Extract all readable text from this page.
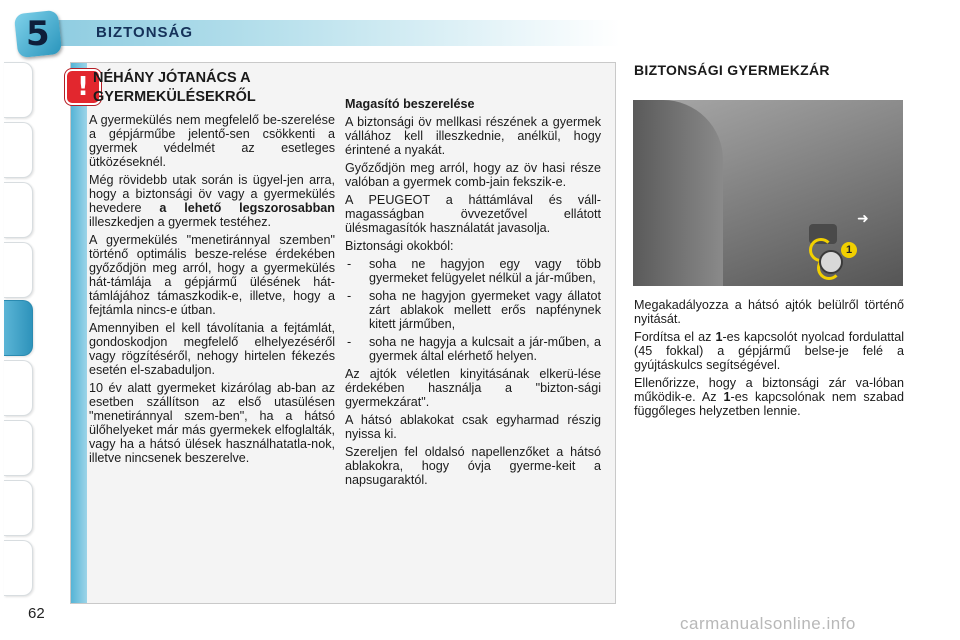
5	BIZTONSÁG
62
! NÉHÁNY JÓTANÁCS A GYERMEKÜLÉSEKRŐL

A gyermekülés nem megfelelő be-szerelése a gépjárműbe jelentő-sen csökkenti a gyermek védelmét az esetleges ütközéseknél.

Még rövidebb utak során is ügyel-jen arra, hogy a biztonsági öv vagy a gyermekülés hevedere a lehető legszorosabban illeszkedjen a gyermek testéhez.

A gyermekülés "menetiránnyal szemben" történő optimális besze-relése érdekében győződjön meg arról, hogy a gyermekülés hát-támlája a gépjármű ülésének hát-támlájához támaszkodik-e, illetve, hogy a fejtámla nincs-e útban.

Amennyiben el kell távolítania a fejtámlát, gondoskodjon megfelelő elhelyezéséről vagy rögzítéséről, nehogy hirtelen fékezés esetén el-szabaduljon.

10 év alatt gyermeket kizárólag ab-ban az esetben szállítson az első utasülésen "menetiránnyal szem-ben", ha a hátsó ülőhelyeket már más gyermekek elfoglalták, vagy ha a hátsó ülések használhatatla-nok, illetve nincsenek beszerelve.

Magasító beszerelése

A biztonsági öv mellkasi részének a gyermek vállához kell illeszkednie, anélkül, hogy érintené a nyakát.

Győződjön meg arról, hogy az öv hasi része valóban a gyermek comb-jain fekszik-e.

A PEUGEOT a háttámlával és váll-magasságban övvezetővel ellátott ülésmagasítók használatát javasolja.

Biztonsági okokból:

- soha ne hagyjon egy vagy több gyermeket felügyelet nélkül a jár-műben,
- soha ne hagyjon gyermeket vagy állatot zárt ablakok mellett erős napfénynek kitett járműben,
- soha ne hagyja a kulcsait a jár-műben, a gyermek által elérhető helyen.

Az ajtók véletlen kinyitásának elkerü-lése érdekében használja a "bizton-sági gyermekzárat".

A hátsó ablakokat csak egyharmad részig nyissa ki.

Szereljen fel oldalsó napellenzőket a hátsó ablakokra, hogy óvja gyerme-keit a napsugaraktól.

BIZTONSÁGI GYERMEKZÁR
1
➜

Megakadályozza a hátsó ajtók belülről történő nyitását.

Fordítsa el az 1-es kapcsolót nyolcad fordulattal (45 fokkal) a gépjármű belse-je felé a gyújtáskulcs segítségével.

Ellenőrizze, hogy a biztonsági zár va-lóban működik-e. Az 1-es kapcsolónak nem szabad függőleges helyzetben lennie.

carmanualsonline.info
